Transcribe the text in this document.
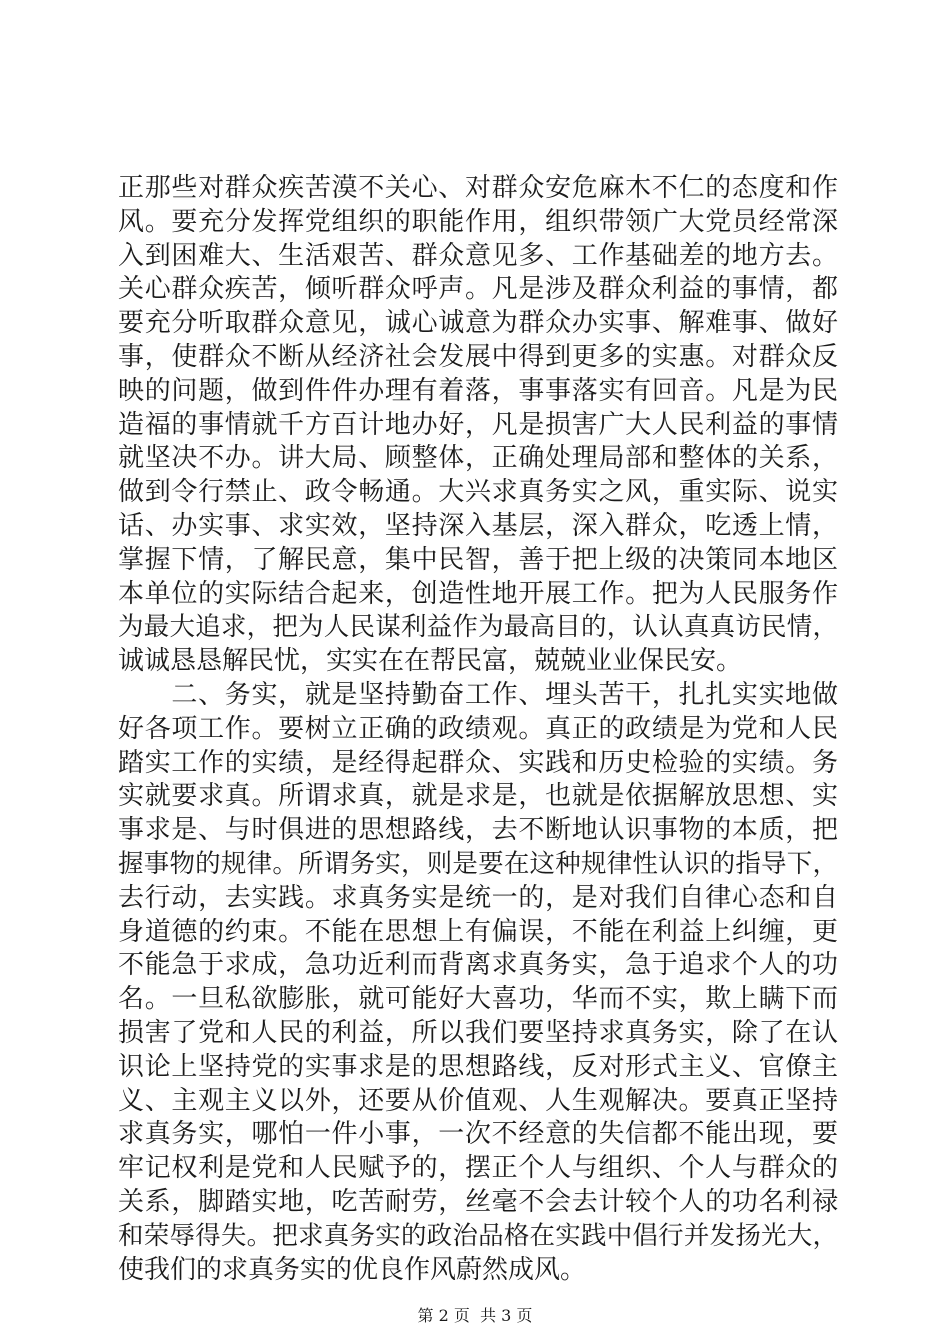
正那些对群众疾苦漠不关心、对群众安危麻木不仁的态度和作
风。要充分发挥党组织的职能作用，组织带领广大党员经常深
入到困难大、生活艰苦、群众意见多、工作基础差的地方去。
关心群众疾苦，倾听群众呼声。凡是涉及群众利益的事情，都
要充分听取群众意见，诚心诚意为群众办实事、解难事、做好
事，使群众不断从经济社会发展中得到更多的实惠。对群众反
映的问题，做到件件办理有着落，事事落实有回音。凡是为民
造福的事情就千方百计地办好，凡是损害广大人民利益的事情
就坚决不办。讲大局、顾整体，正确处理局部和整体的关系，
做到令行禁止、政令畅通。大兴求真务实之风，重实际、说实
话、办实事、求实效，坚持深入基层，深入群众，吃透上情，
掌握下情，了解民意，集中民智，善于把上级的决策同本地区
本单位的实际结合起来，创造性地开展工作。把为人民服务作
为最大追求，把为人民谋利益作为最高目的，认认真真访民情，
诚诚恳恳解民忧，实实在在帮民富，兢兢业业保民安。
　　二、务实，就是坚持勤奋工作、埋头苦干，扎扎实实地做
好各项工作。要树立正确的政绩观。真正的政绩是为党和人民
踏实工作的实绩，是经得起群众、实践和历史检验的实绩。务
实就要求真。所谓求真，就是求是，也就是依据解放思想、实
事求是、与时俱进的思想路线，去不断地认识事物的本质，把
握事物的规律。所谓务实，则是要在这种规律性认识的指导下，
去行动，去实践。求真务实是统一的，是对我们自律心态和自
身道德的约束。不能在思想上有偏误，不能在利益上纠缠，更
不能急于求成，急功近利而背离求真务实，急于追求个人的功
名。一旦私欲膨胀，就可能好大喜功，华而不实，欺上瞒下而
损害了党和人民的利益，所以我们要坚持求真务实，除了在认
识论上坚持党的实事求是的思想路线，反对形式主义、官僚主
义、主观主义以外，还要从价值观、人生观解决。要真正坚持
求真务实，哪怕一件小事，一次不经意的失信都不能出现，要
牢记权利是党和人民赋予的，摆正个人与组织、个人与群众的
关系，脚踏实地，吃苦耐劳，丝毫不会去计较个人的功名利禄
和荣辱得失。把求真务实的政治品格在实践中倡行并发扬光大，
使我们的求真务实的优良作风蔚然成风。
第 2 页  共 3 页
